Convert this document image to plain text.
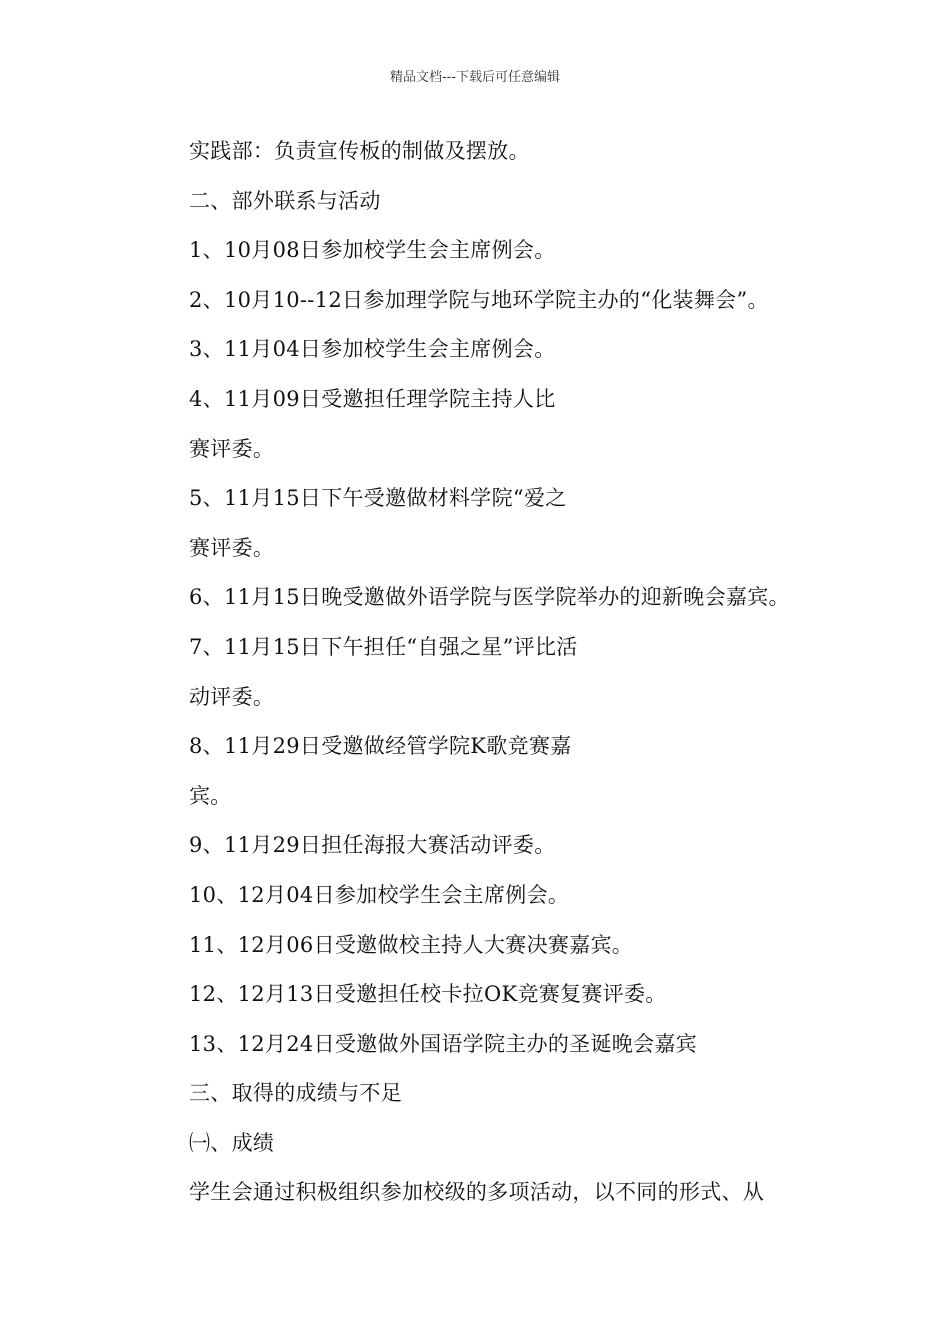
精品文档---下载后可任意编辑
实践部：负责宣传板的制做及摆放。
二、部外联系与活动
1、10月08日参加校学生会主席例会。
2、10月10--12日参加理学院与地环学院主办的“化装舞会”。
3、11月04日参加校学生会主席例会。
4、11月09日受邀担任理学院主持人比
赛评委。
5、11月15日下午受邀做材料学院“爱之
赛评委。
6、11月15日晚受邀做外语学院与医学院举办的迎新晚会嘉宾。
7、11月15日下午担任“自强之星”评比活
动评委。
8、11月29日受邀做经管学院K歌竞赛嘉
宾。
9、11月29日担任海报大赛活动评委。
10、12月04日参加校学生会主席例会。
11、12月06日受邀做校主持人大赛决赛嘉宾。
12、12月13日受邀担任校卡拉OK竞赛复赛评委。
13、12月24日受邀做外国语学院主办的圣诞晚会嘉宾
三、取得的成绩与不足
㈠、成绩
学生会通过积极组织参加校级的多项活动，以不同的形式、从
